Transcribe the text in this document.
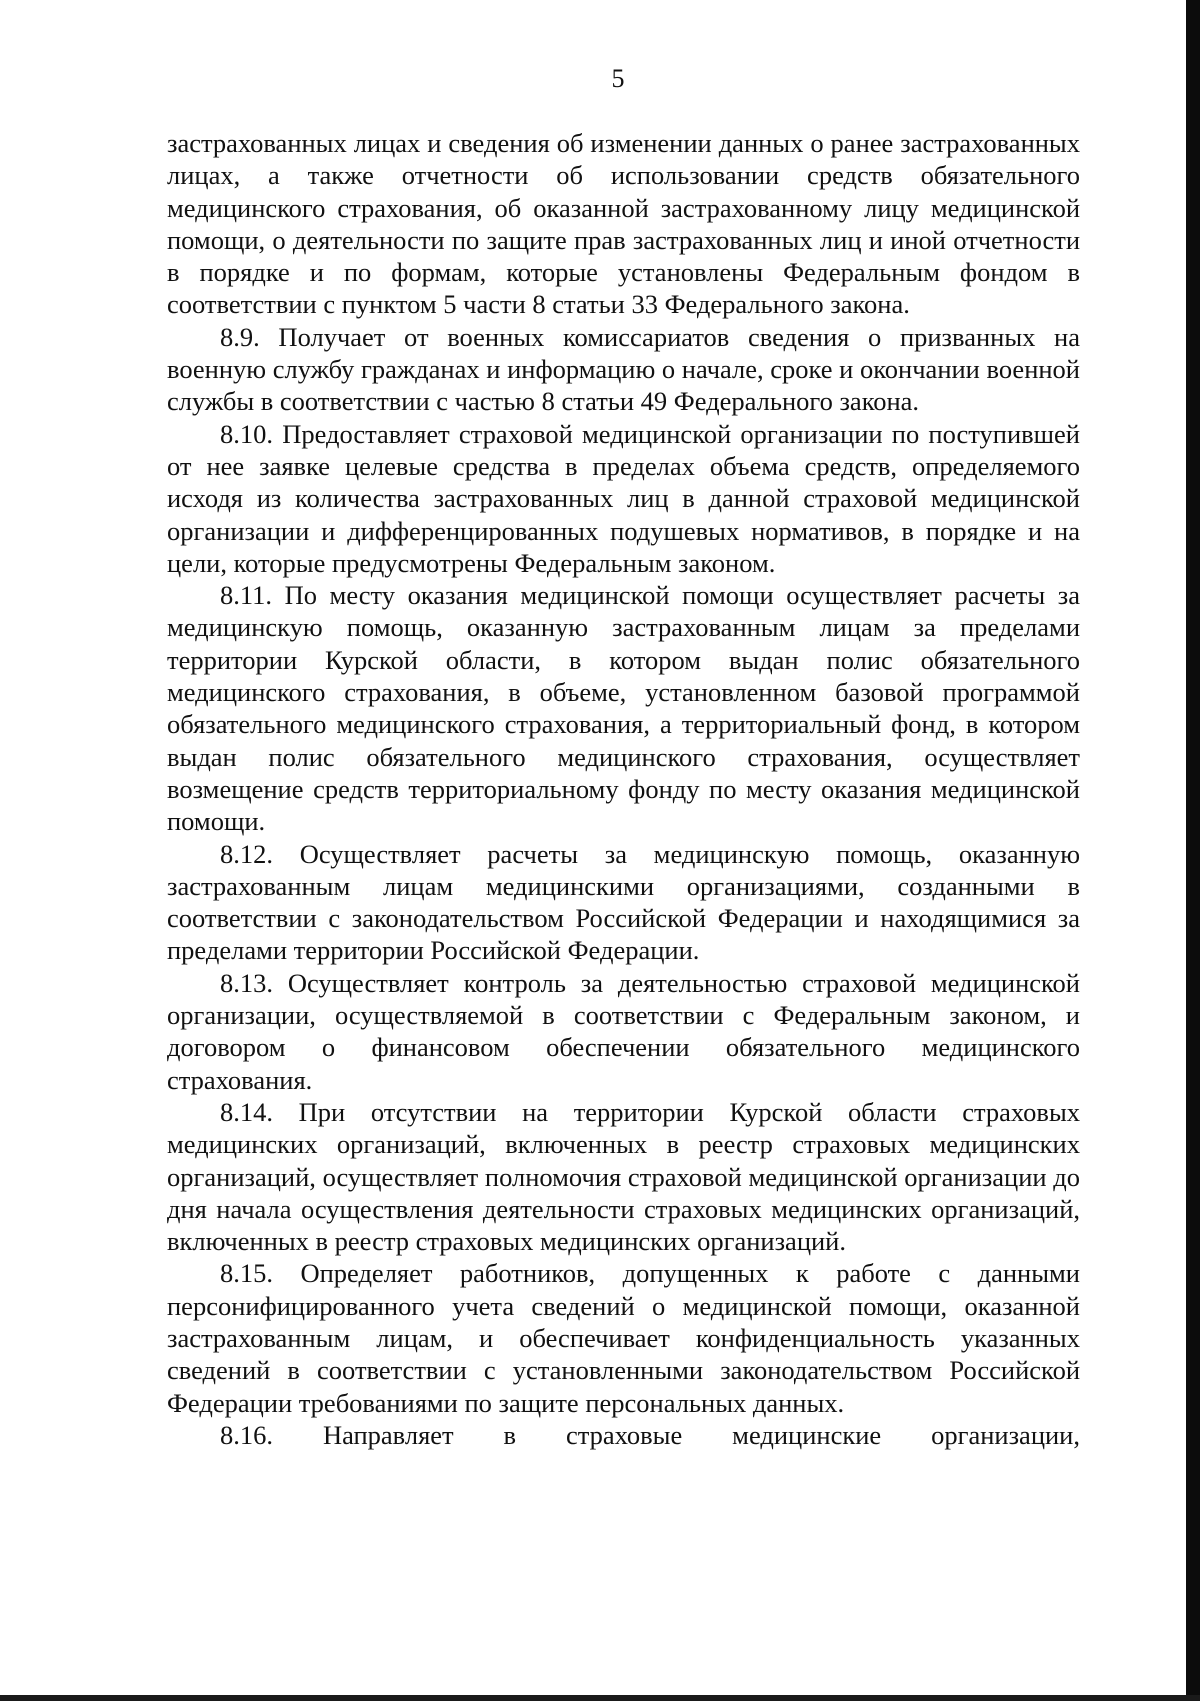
5

застрахованных лицах и сведения об изменении данных о ранее застрахованных лицах, а также отчетности об использовании средств обязательного медицинского страхования, об оказанной застрахованному лицу медицинской помощи, о деятельности по защите прав застрахованных лиц и иной отчетности в порядке и по формам, которые установлены Федеральным фондом в соответствии с пунктом 5 части 8 статьи 33 Федерального закона.

8.9. Получает от военных комиссариатов сведения о призванных на военную службу гражданах и информацию о начале, сроке и окончании военной службы в соответствии с частью 8 статьи 49 Федерального закона.

8.10. Предоставляет страховой медицинской организации по поступившей от нее заявке целевые средства в пределах объема средств, определяемого исходя из количества застрахованных лиц в данной страховой медицинской организации и дифференцированных подушевых нормативов, в порядке и на цели, которые предусмотрены Федеральным законом.

8.11. По месту оказания медицинской помощи осуществляет расчеты за медицинскую помощь, оказанную застрахованным лицам за пределами территории Курской области, в котором выдан полис обязательного медицинского страхования, в объеме, установленном базовой программой обязательного медицинского страхования, а территориальный фонд, в котором выдан полис обязательного медицинского страхования, осуществляет возмещение средств территориальному фонду по месту оказания медицинской помощи.

8.12. Осуществляет расчеты за медицинскую помощь, оказанную застрахованным лицам медицинскими организациями, созданными в соответствии с законодательством Российской Федерации и находящимися за пределами территории Российской Федерации.

8.13. Осуществляет контроль за деятельностью страховой медицинской организации, осуществляемой в соответствии с Федеральным законом, и договором о финансовом обеспечении обязательного медицинского страхования.

8.14. При отсутствии на территории Курской области страховых медицинских организаций, включенных в реестр страховых медицинских организаций, осуществляет полномочия страховой медицинской организации до дня начала осуществления деятельности страховых медицинских организаций, включенных в реестр страховых медицинских организаций.

8.15. Определяет работников, допущенных к работе с данными персонифицированного учета сведений о медицинской помощи, оказанной застрахованным лицам, и обеспечивает конфиденциальность указанных сведений в соответствии с установленными законодательством Российской Федерации требованиями по защите персональных данных.

8.16. Направляет в страховые медицинские организации,
